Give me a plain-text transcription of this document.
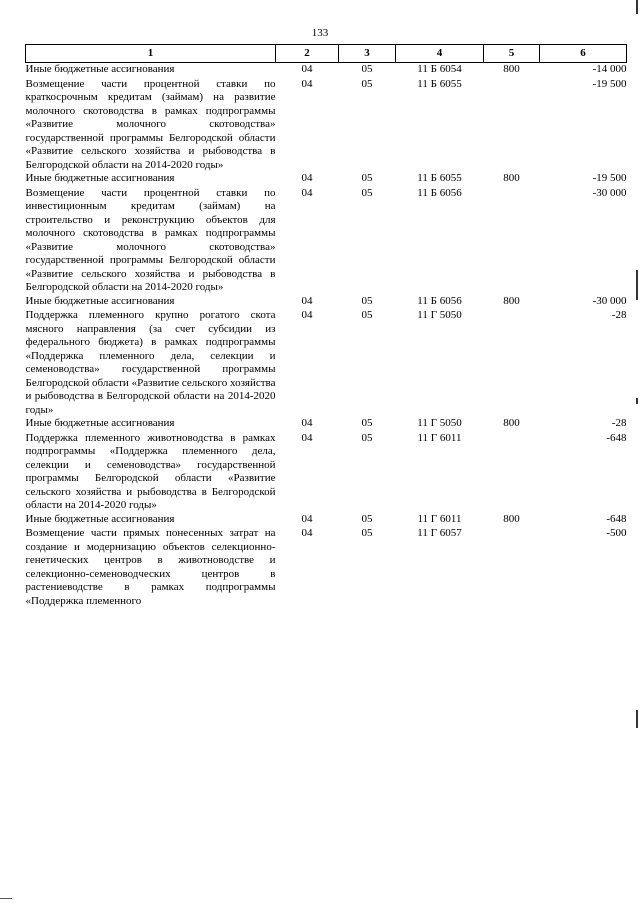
133
1	2	3	4	5	6
Иные бюджетные ассигнования	04	05	11 Б 6054	800	-14 000

Возмещение части процентной ставки по краткосрочным кредитам (займам) на развитие молочного скотоводства в рамках подпрограммы «Развитие молочного скотоводства» государственной программы Белгородской области «Развитие сельского хозяйства и рыбоводства в Белгородской области на 2014-2020 годы»	04	05	11 Б 6055		-19 500
Иные бюджетные ассигнования	04	05	11 Б 6055	800	-19 500

Возмещение части процентной ставки по инвестиционным кредитам (займам) на строительство и реконструкцию объектов для молочного скотоводства в рамках подпрограммы «Развитие молочного скотоводства» государственной программы Белгородской области «Развитие сельского хозяйства и рыбоводства в Белгородской области на 2014-2020 годы»	04	05	11 Б 6056		-30 000
Иные бюджетные ассигнования	04	05	11 Б 6056	800	-30 000

Поддержка племенного крупно рогатого скота мясного направления (за счет субсидии из федерального бюджета) в рамках подпрограммы «Поддержка племенного дела, селекции и семеноводства» государственной программы Белгородской области «Развитие сельского хозяйства и рыбоводства в Белгородской области на 2014-2020 годы»	04	05	11 Г 5050		-28
Иные бюджетные ассигнования	04	05	11 Г 5050	800	-28

Поддержка племенного животноводства в рамках подпрограммы «Поддержка племенного дела, селекции и семеноводства» государственной программы Белгородской области «Развитие сельского хозяйства и рыбоводства в Белгородской области на 2014-2020 годы»	04	05	11 Г 6011		-648
Иные бюджетные ассигнования	04	05	11 Г 6011	800	-648

Возмещение части прямых понесенных затрат на создание и модернизацию объектов селекционно-генетических центров в животноводстве и селекционно-семеноводческих центров в растениеводстве в рамках подпрограммы «Поддержка племенного	04	05	11 Г 6057		-500
